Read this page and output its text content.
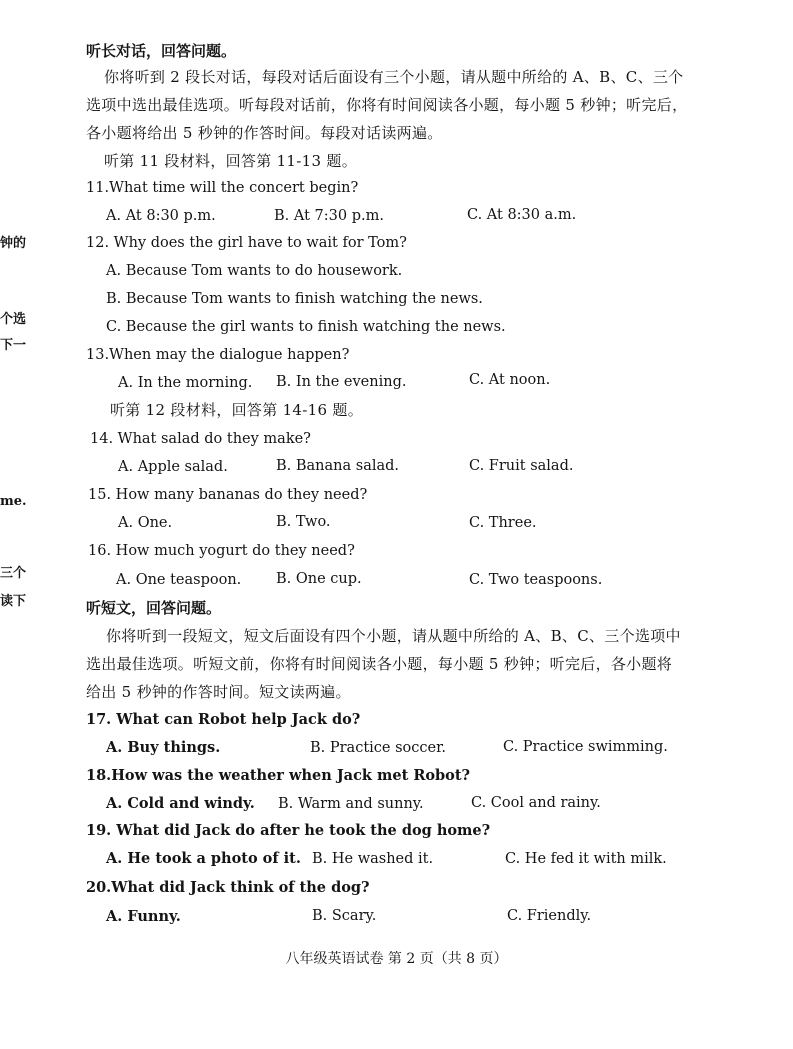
钟的
个选
下一
me.
三个
读下
听长对话，回答问题。
你将听到 2 段长对话，每段对话后面设有三个小题，请从题中所给的 A、B、C、三个
选项中选出最佳选项。听每段对话前，你将有时间阅读各小题，每小题 5 秒钟；听完后，
各小题将给出 5 秒钟的作答时间。每段对话读两遍。
听第 11 段材料，回答第 11-13 题。
11.What time will the concert begin?
A. At 8:30 p.m.	B. At 7:30 p.m.	C. At 8:30 a.m.
12. Why does the girl have to wait for Tom?
A. Because Tom wants to do housework.
B. Because Tom wants to finish watching the news.
C. Because the girl wants to finish watching the news.
13.When may the dialogue happen?
A. In the morning. B. In the evening.	C. At noon.
听第 12 段材料，回答第 14-16 题。
14. What salad do they make?
A. Apple salad.	B. Banana salad.	C. Fruit salad.
15. How many bananas do they need?
A. One.	B. Two.	C. Three.
16. How much yogurt do they need?
A. One teaspoon. B. One cup.	C. Two teaspoons.
听短文，回答问题。
你将听到一段短文，短文后面设有四个小题，请从题中所给的 A、B、C、三个选项中
选出最佳选项。听短文前，你将有时间阅读各小题，每小题 5 秒钟；听完后，各小题将
给出 5 秒钟的作答时间。短文读两遍。
17. What can Robot help Jack do?
A. Buy things.	B. Practice soccer.	C. Practice swimming.
18.How was the weather when Jack met Robot?
A. Cold and windy. B. Warm and sunny.	C. Cool and rainy.
19. What did Jack do after he took the dog home?
A. He took a photo of it. B. He washed it.	C. He fed it with milk.
20.What did Jack think of the dog?
A. Funny.	B. Scary.	C. Friendly.
八年级英语试卷 第 2 页（共 8 页）
